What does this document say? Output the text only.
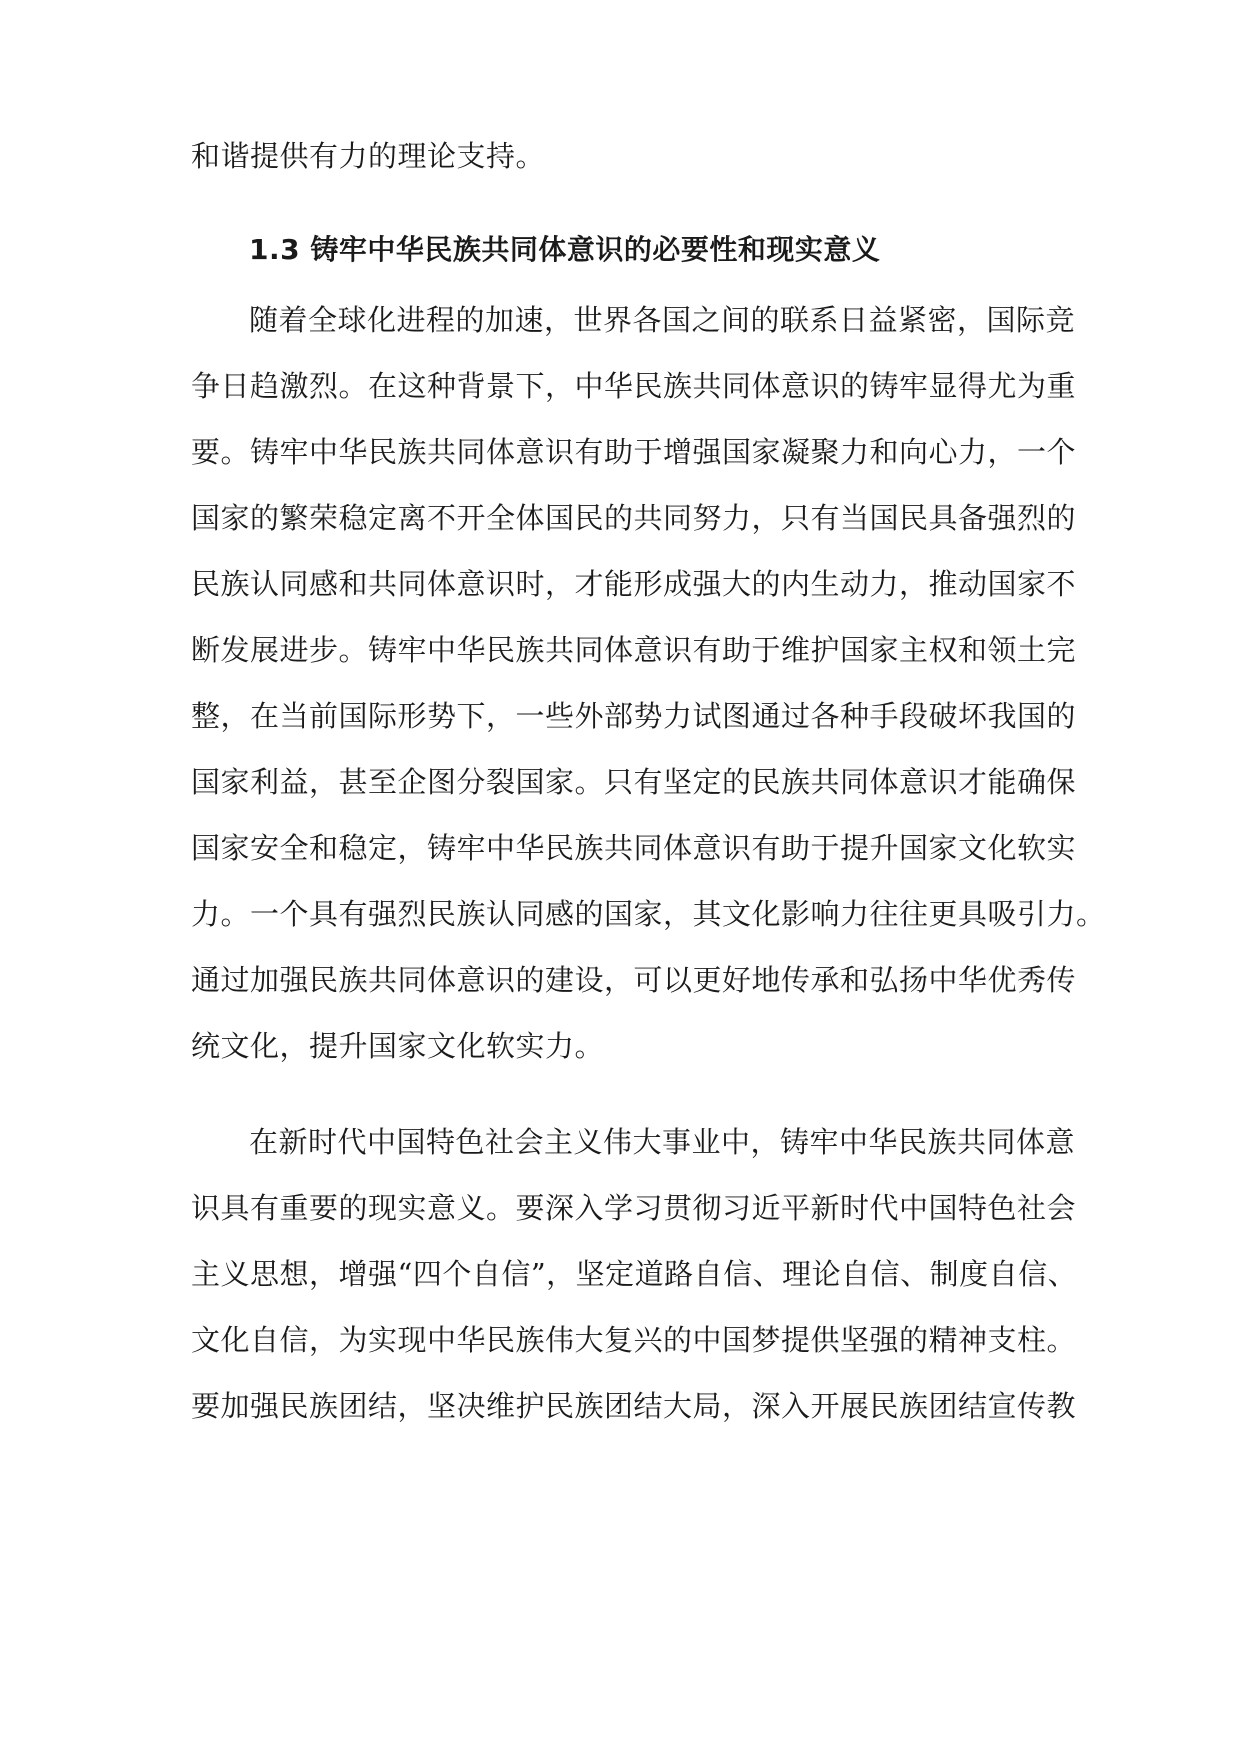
和谐提供有力的理论支持。
1.3 铸牢中华民族共同体意识的必要性和现实意义
随着全球化进程的加速，世界各国之间的联系日益紧密，国际竞
争日趋激烈。在这种背景下，中华民族共同体意识的铸牢显得尤为重
要。铸牢中华民族共同体意识有助于增强国家凝聚力和向心力，一个
国家的繁荣稳定离不开全体国民的共同努力，只有当国民具备强烈的
民族认同感和共同体意识时，才能形成强大的内生动力，推动国家不
断发展进步。铸牢中华民族共同体意识有助于维护国家主权和领土完
整，在当前国际形势下，一些外部势力试图通过各种手段破坏我国的
国家利益，甚至企图分裂国家。只有坚定的民族共同体意识才能确保
国家安全和稳定，铸牢中华民族共同体意识有助于提升国家文化软实
力。一个具有强烈民族认同感的国家，其文化影响力往往更具吸引力。
通过加强民族共同体意识的建设，可以更好地传承和弘扬中华优秀传
统文化，提升国家文化软实力。
在新时代中国特色社会主义伟大事业中，铸牢中华民族共同体意
识具有重要的现实意义。要深入学习贯彻习近平新时代中国特色社会
主义思想，增强“四个自信”，坚定道路自信、理论自信、制度自信、
文化自信，为实现中华民族伟大复兴的中国梦提供坚强的精神支柱。
要加强民族团结，坚决维护民族团结大局，深入开展民族团结宣传教
